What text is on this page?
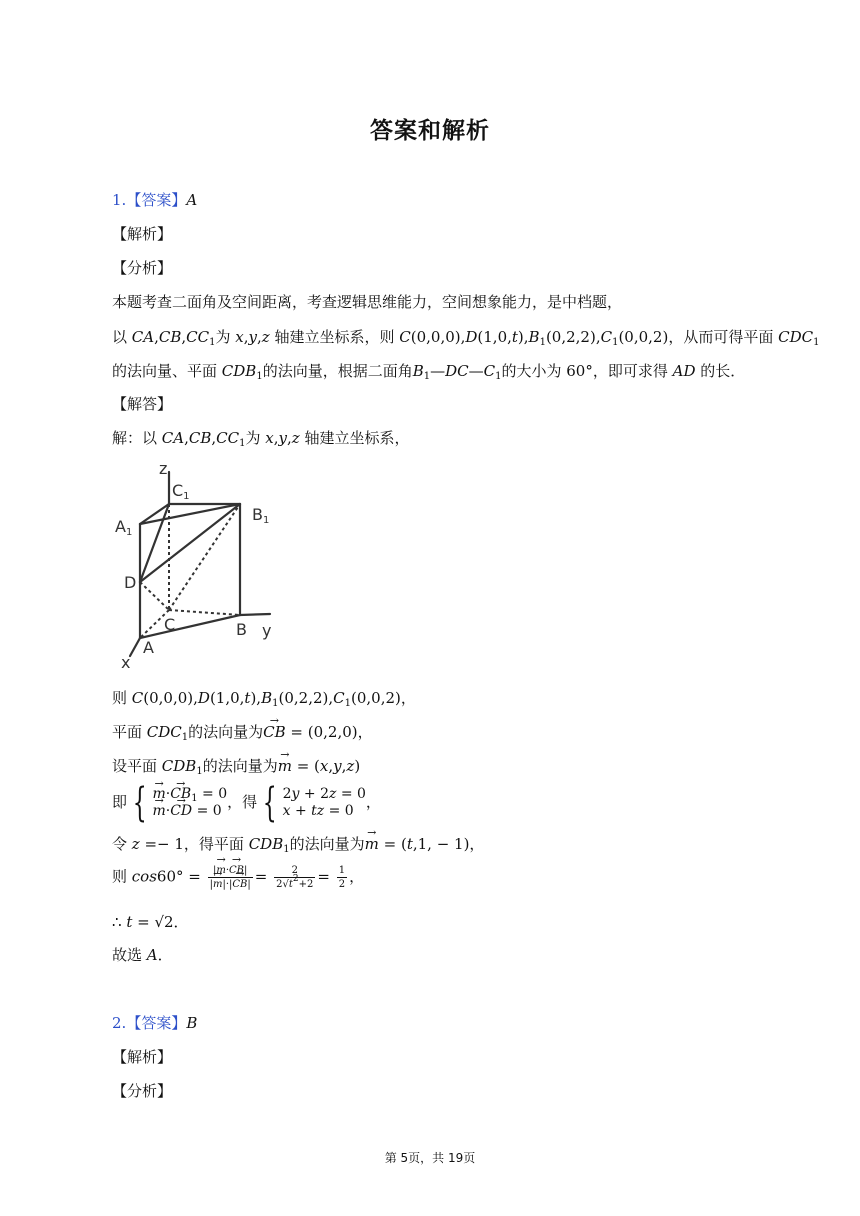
答案和解析
1.【答案】A
【解析】
【分析】
本题考查二面角及空间距离，考查逻辑思维能力，空间想象能力，是中档题，
以 $CA,CB,CC_1$为 x,y,z 轴建立坐标系，则 $C(0,0,0),D(1,0,t),B_1(0,2,2),C_1(0,0,2)$，从而可得平面 $CDC_1$
的法向量、平面 $CDB_1$的法向量，根据二面角$B_1—DC—C_1$的大小为 60°，即可求得 AD 的长．
【解答】
解：以 $CA,CB,CC_1$为 x,y,z 轴建立坐标系，
z
C1
A1
B1
D
C	B y
A
x
则 $C(0,0,0),D(1,0,t),B_1(0,2,2),C_1(0,0,2)$，
平面 $CDC_1$的法向量为→ CB = (0,2,0)，
设平面 $CDB_1$的法向量为→ m = (x,y,z)
即 {→ $m\cdot\to CB_1 = 0$
→ m·→ CD = 0 ，得 { 2y + 2z = 0
x + tz = 0 ，
令 z =− 1，得平面 $CDB_1$的法向量为→ m = (t,1, − 1)，
则 $\cos 60^\circ = \frac{|\to m\cdot\to CB|}{|\to m|\cdot|\to CB|} = \frac{2}{2√t^2+2} = \frac{1}{2}$ ，
∴ t = √2．
故选 A．
2.【答案】B
【解析】
【分析】
第 5页，共 19页
